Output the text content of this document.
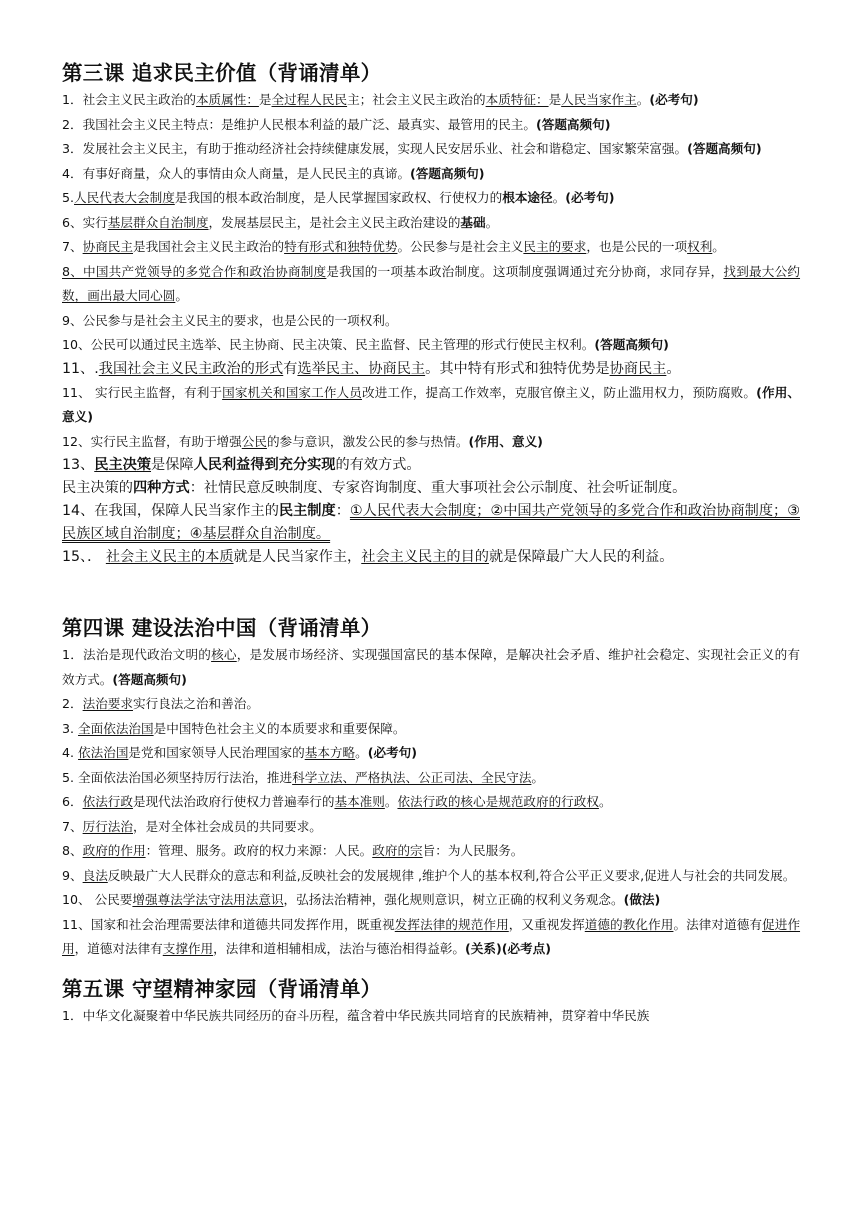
第三课 追求民主价值（背诵清单）

1．社会主义民主政治的本质属性：是全过程人民民主；社会主义民主政治的本质特征：是人民当家作主。(必考句)

2．我国社会主义民主特点：是维护人民根本利益的最广泛、最真实、最管用的民主。(答题高频句)

3．发展社会主义民主，有助于推动经济社会持续健康发展，实现人民安居乐业、社会和谐稳定、国家繁荣富强。(答题高频句)

4．有事好商量，众人的事情由众人商量，是人民民主的真谛。(答题高频句)

5.人民代表大会制度是我国的根本政治制度，是人民掌握国家政权、行使权力的根本途径。(必考句)

6、实行基层群众自治制度，发展基层民主，是社会主义民主政治建设的基础。

7、协商民主是我国社会主义民主政治的特有形式和独特优势。公民参与是社会主义民主的要求，也是公民的一项权利。

8、中国共产党领导的多党合作和政治协商制度是我国的一项基本政治制度。这项制度强调通过充分协商，求同存异，找到最大公约数，画出最大同心圆。

9、公民参与是社会主义民主的要求，也是公民的一项权利。

10、公民可以通过民主选举、民主协商、民主决策、民主监督、民主管理的形式行使民主权利。(答题高频句)

11、.我国社会主义民主政治的形式有选举民主、协商民主。其中特有形式和独特优势是协商民主。

11、 实行民主监督，有利于国家机关和国家工作人员改进工作，提高工作效率，克服官僚主义，防止滥用权力，预防腐败。(作用、意义)

12、实行民主监督，有助于增强公民的参与意识，激发公民的参与热情。(作用、意义)

13、民主决策是保障人民利益得到充分实现的有效方式。

民主决策的四种方式：社情民意反映制度、专家咨询制度、重大事项社会公示制度、社会听证制度。

14、在我国，保障人民当家作主的民主制度：①人民代表大会制度；②中国共产党领导的多党合作和政治协商制度；③民族区域自治制度；④基层群众自治制度。

15、． 社会主义民主的本质就是人民当家作主，社会主义民主的目的就是保障最广大人民的利益。

第四课 建设法治中国（背诵清单）

1．法治是现代政治文明的核心，是发展市场经济、实现强国富民的基本保障，是解决社会矛盾、维护社会稳定、实现社会正义的有效方式。(答题高频句)

2．法治要求实行良法之治和善治。

3. 全面依法治国是中国特色社会主义的本质要求和重要保障。

4. 依法治国是党和国家领导人民治理国家的基本方略。(必考句)

5. 全面依法治国必须坚持厉行法治，推进科学立法、严格执法、公正司法、全民守法。

6．依法行政是现代法治政府行使权力普遍奉行的基本准则。依法行政的核心是规范政府的行政权。

7、厉行法治，是对全体社会成员的共同要求。

8、政府的作用：管理、服务。政府的权力来源：人民。政府的宗旨：为人民服务。

9、良法反映最广大人民群众的意志和利益,反映社会的发展规律 ,维护个人的基本权利,符合公平正义要求,促进人与社会的共同发展。

10、 公民要增强尊法学法守法用法意识，弘扬法治精神，强化规则意识，树立正确的权利义务观念。(做法)

11、国家和社会治理需要法律和道德共同发挥作用，既重视发挥法律的规范作用，又重视发挥道德的教化作用。法律对道德有促进作用，道德对法律有支撑作用，法律和道相辅相成，法治与德治相得益彰。(关系)(必考点)

第五课 守望精神家园（背诵清单）

1．中华文化凝聚着中华民族共同经历的奋斗历程，蕴含着中华民族共同培育的民族精神，贯穿着中华民族
